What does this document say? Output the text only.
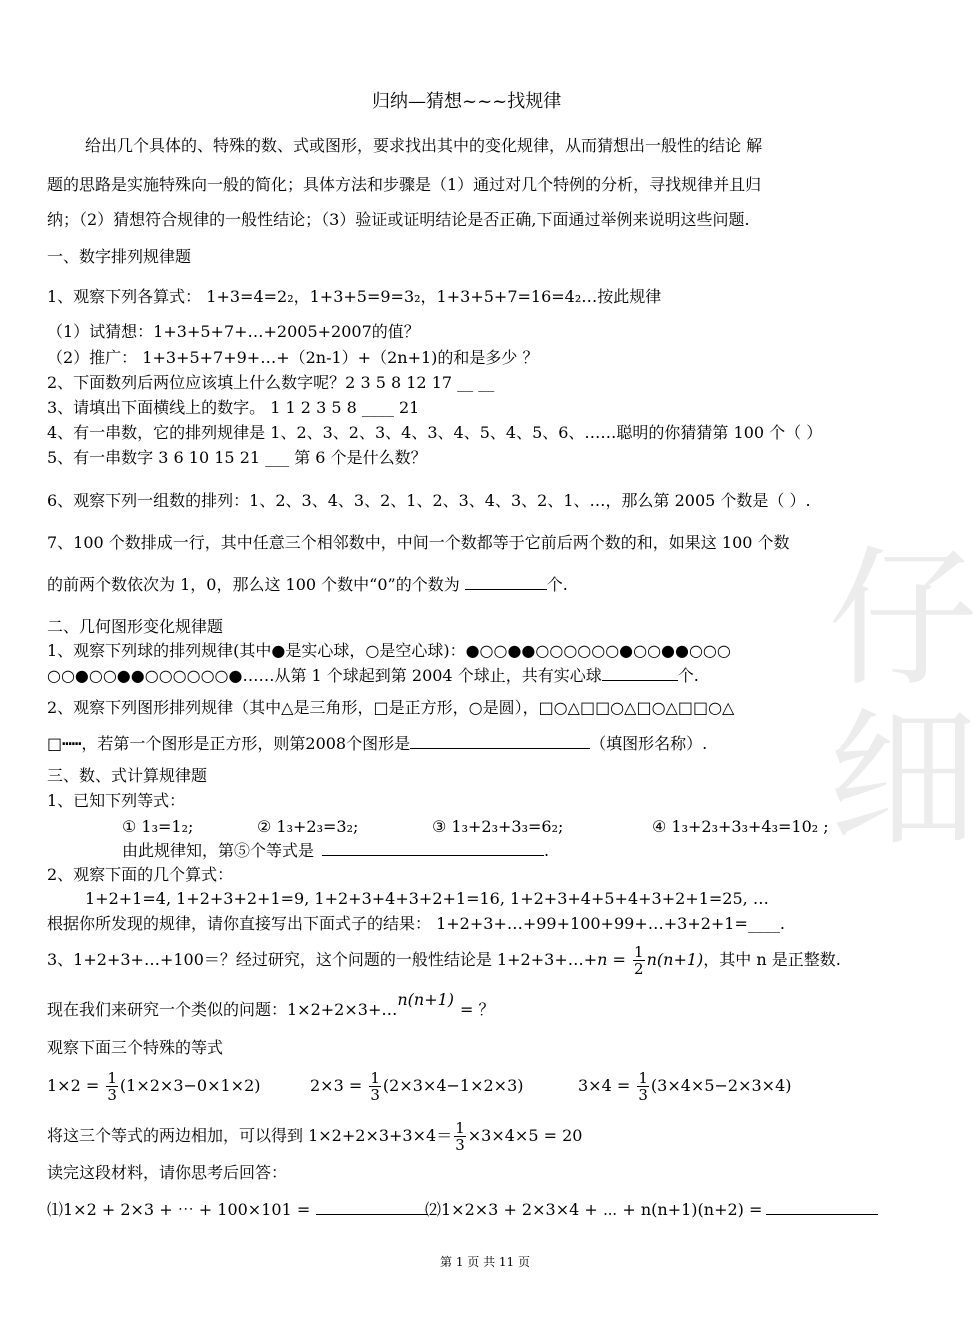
仔细
归纳—猜想~~~找规律
给出几个具体的、特殊的数、式或图形，要求找出其中的变化规律，从而猜想出一般性的结论 解
题的思路是实施特殊向一般的简化；具体方法和步骤是（1）通过对几个特例的分析，寻找规律并且归
纳；（2）猜想符合规律的一般性结论；（3）验证或证明结论是否正确,下面通过举例来说明这些问题.
一、数字排列规律题
1、观察下列各算式： 1+3=4=2₂，1+3+5=9=3₂，1+3+5+7=16=4₂…按此规律
（1）试猜想：1+3+5+7+…+2005+2007的值？
（2）推广： 1+3+5+7+9+…+（2n-1）+（2n+1)的和是多少 ？
2、下面数列后两位应该填上什么数字呢？2 3 5 8 12 17 __ __
3、请填出下面横线上的数字。 1 1 2 3 5 8 ____ 21
4、有一串数，它的排列规律是 1、2、3、2、3、4、3、4、5、4、5、6、……聪明的你猜猜第 100 个（ ）
5、有一串数字 3 6 10 15 21 ___ 第 6 个是什么数？
6、观察下列一组数的排列：1、2、3、4、3、2、1、2、3、4、3、2、1、…，那么第 2005 个数是（ ）.
7、100 个数排成一行，其中任意三个相邻数中，中间一个数都等于它前后两个数的和，如果这 100 个数
的前两个数依次为 1，0，那么这 100 个数中“0”的个数为	个.
二、几何图形变化规律题
1、观察下列球的排列规律(其中●是实心球，○是空心球)：●○○●●○○○○○○●○○●●○○○
○○●○○●●○○○○○○●……从第 1 个球起到第 2004 个球止，共有实心球	个.
2、观察下列图形排列规律（其中△是三角形，□是正方形，○是圆），□○△□□○△□○△□□○△
□┅┅，若第一个图形是正方形，则第2008个图形是	（填图形名称）.
三、数、式计算规律题
1、已知下列等式：
① 1₃=1₂;	② 1₃+2₃=3₂;	③ 1₃+2₃+3₃=6₂;	④ 1₃+2₃+3₃+4₃=10₂ ;
由此规律知，第⑤个等式是	.
2、观察下面的几个算式：
1+2+1=4, 1+2+3+2+1=9, 1+2+3+4+3+2+1=16, 1+2+3+4+5+4+3+2+1=25, …
根据你所发现的规律，请你直接写出下面式子的结果： 1+2+3+…+99+100+99+…+3+2+1=____.
3、1+2+3+…+100＝？经过研究，这个问题的一般性结论是 1+2+3+…+n = $\frac{1}{2} n(n+1)$，其中 n 是正整数.
现在我们来研究一个类似的问题：1×2+2×3+…n(n+1)= ？
观察下面三个特殊的等式
$1\times 2 = \frac{1}{3} (1\times 2\times 3-0\times 1\times 2)$	$2\times 3 = \frac{1}{3} (2\times 3\times 4-1\times 2\times 3)$	$3\times 4 = \frac{1}{3} (3\times 4\times 5-2\times 3\times 4)$
将这三个等式的两边相加，可以得到 $1\times 2+2\times 3+3\times 4= \frac{1}{3} \times 3\times 4\times 5 = 20$
读完这段材料，请你思考后回答：
⑴1×2 + 2×3 + ⋯ + 100×101 =	⑵1×2×3 + 2×3×4 + ⋯ + n(n+1)(n+2) =
第 1 页 共 11 页
